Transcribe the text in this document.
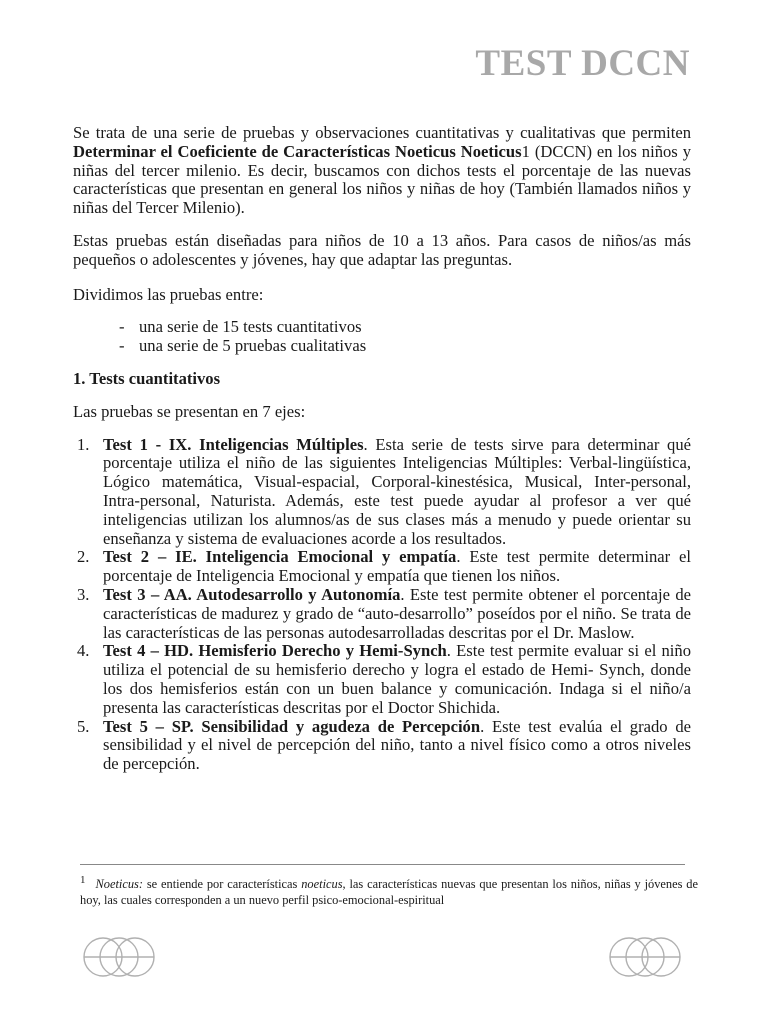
TEST DCCN

Se trata de una serie de pruebas y observaciones cuantitativas y cualitativas que permiten Determinar el Coeficiente de Características Noeticus Noeticus1 (DCCN) en los niños y niñas del tercer milenio. Es decir, buscamos con dichos tests el porcentaje de las nuevas características que presentan en general los niños y niñas de hoy (También llamados niños y niñas del Tercer Milenio).

Estas pruebas están diseñadas para niños de 10 a 13 años. Para casos de niños/as más pequeños o adolescentes y jóvenes, hay que adaptar las preguntas.

Dividimos las pruebas entre:

- una serie de 15 tests cuantitativos
- una serie de 5 pruebas cualitativas

1. Tests cuantitativos

Las pruebas se presentan en 7 ejes:

1. Test 1 - IX. Inteligencias Múltiples. Esta serie de tests sirve para determinar qué porcentaje utiliza el niño de las siguientes Inteligencias Múltiples: Verbal-lingüística, Lógico matemática, Visual-espacial, Corporal-kinestésica, Musical, Inter-personal, Intra-personal, Naturista. Además, este test puede ayudar al profesor a ver qué inteligencias utilizan los alumnos/as de sus clases más a menudo y puede orientar su enseñanza y sistema de evaluaciones acorde a los resultados.
2. Test 2 – IE. Inteligencia Emocional y empatía. Este test permite determinar el porcentaje de Inteligencia Emocional y empatía que tienen los niños.
3. Test 3 – AA. Autodesarrollo y Autonomía. Este test permite obtener el porcentaje de características de madurez y grado de “auto-desarrollo” poseídos por el niño. Se trata de las características de las personas autodesarrolladas descritas por el Dr. Maslow.
4. Test 4 – HD. Hemisferio Derecho y Hemi-Synch. Este test permite evaluar si el niño utiliza el potencial de su hemisferio derecho y logra el estado de Hemi- Synch, donde los dos hemisferios están con un buen balance y comunicación. Indaga si el niño/a presenta las características descritas por el Doctor Shichida.
5. Test 5 – SP. Sensibilidad y agudeza de Percepción. Este test evalúa el grado de sensibilidad y el nivel de percepción del niño, tanto a nivel físico como a otros niveles de percepción.
1 Noeticus: se entiende por características noeticus, las características nuevas que presentan los niños, niñas y jóvenes de hoy, las cuales corresponden a un nuevo perfil psico-emocional-espiritual
